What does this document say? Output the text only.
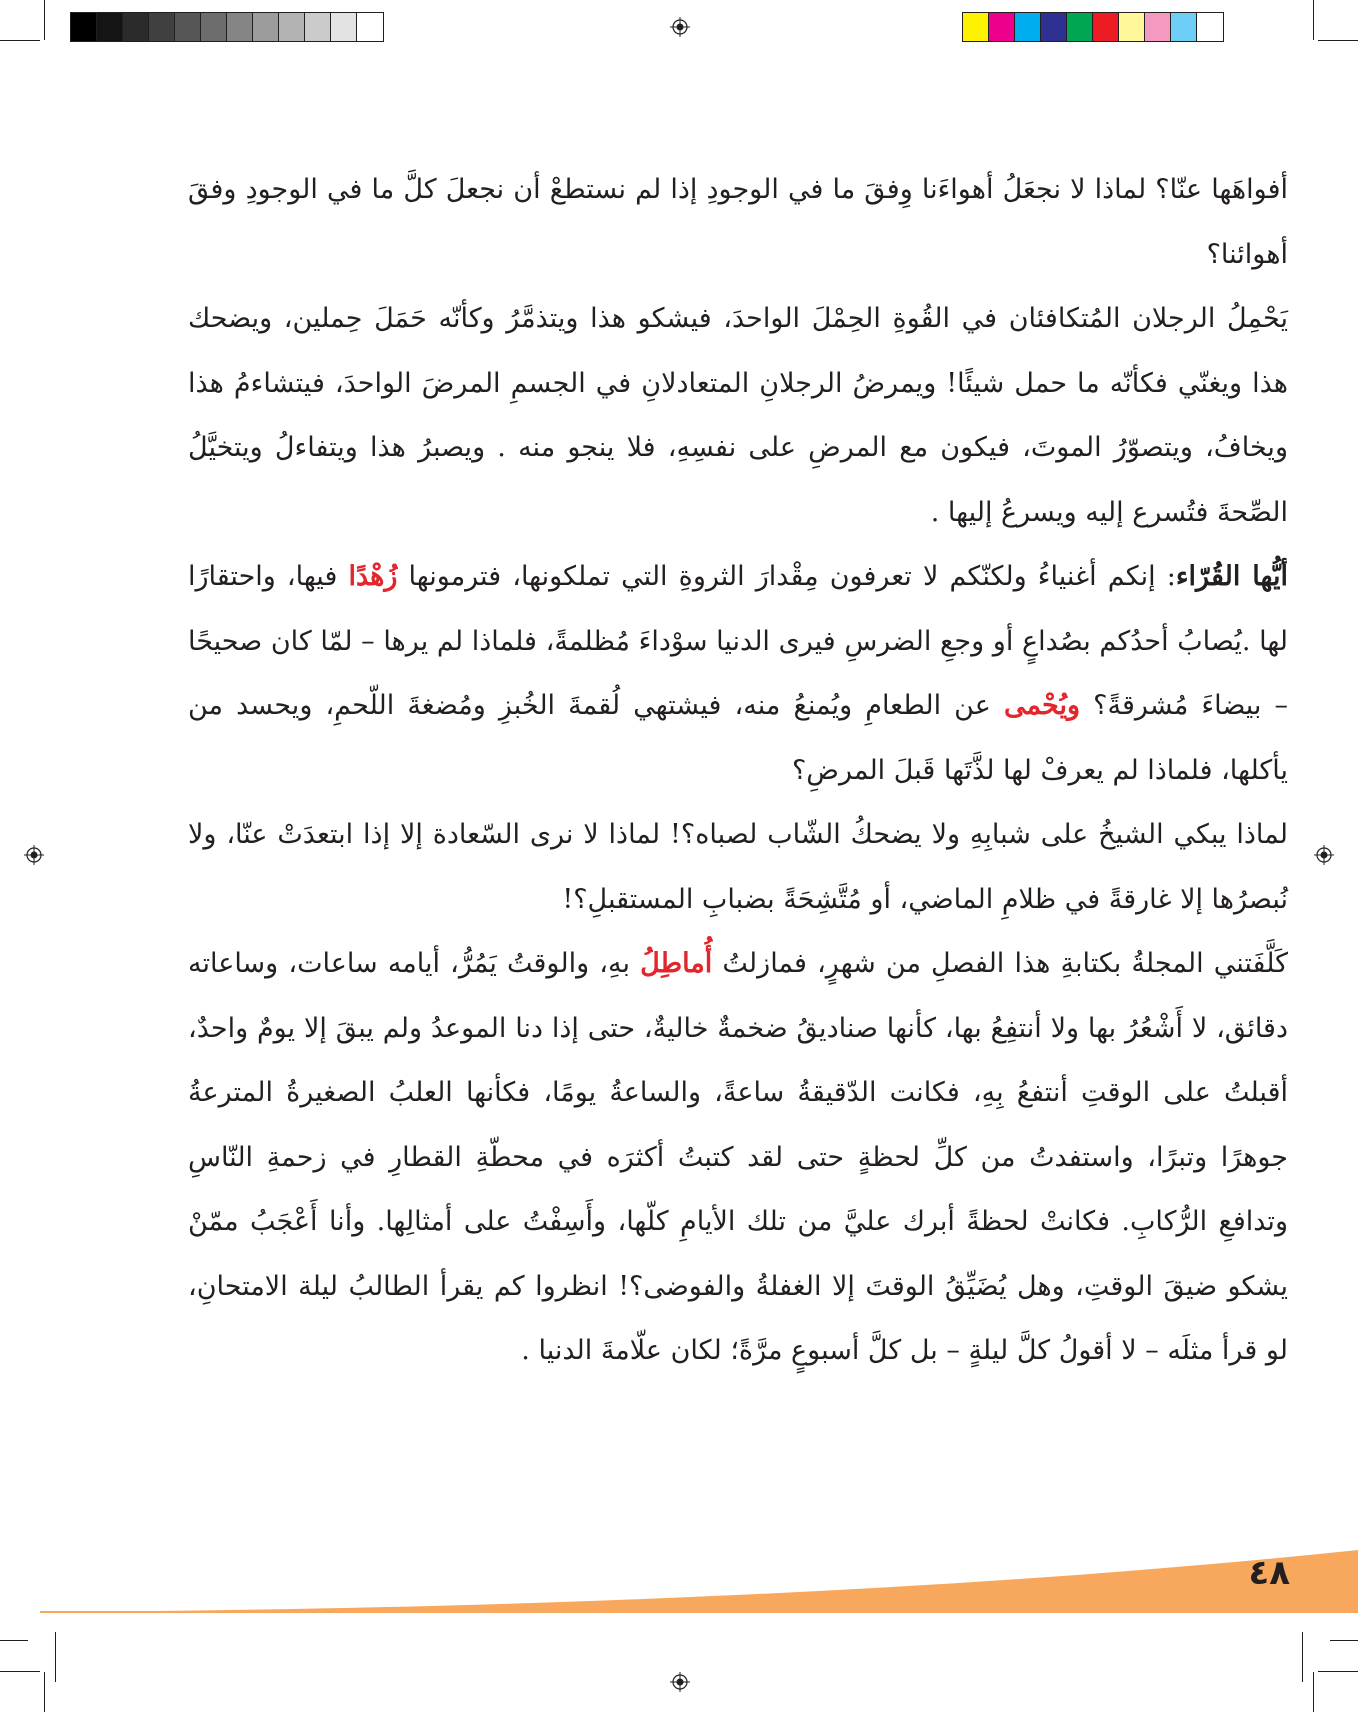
أفواهَها عنّا؟ لماذا لا نجعَلُ أهواءَنا وِفقَ ما في الوجودِ إذا لم نستطعْ أن نجعلَ كلَّ ما في الوجودِ وفقَ أهوائنا؟

يَحْمِلُ الرجلان المُتكافئان في القُوةِ الحِمْلَ الواحدَ، فيشكو هذا ويتذمَّرُ وكأنّه حَمَلَ حِملين، ويضحك هذا ويغنّي فكأنّه ما حمل شيئًا! ويمرضُ الرجلانِ المتعادلانِ في الجسمِ المرضَ الواحدَ، فيتشاءمُ هذا ويخافُ، ويتصوّرُ الموتَ، فيكون مع المرضِ على نفسِهِ، فلا ينجو منه . ويصبرُ هذا ويتفاءلُ ويتخيَّلُ الصِّحةَ فتُسرع إليه ويسرعُ إليها .

أيُّها القُرّاء: إنكم أغنياءُ ولكنّكم لا تعرفون مِقْدارَ الثروةِ التي تملكونها، فترمونها زُهْدًا فيها، واحتقارًا لها .يُصابُ أحدُكم بصُداعٍ أو وجعِ الضرسِ فيرى الدنيا سوْداءَ مُظلمةً، فلماذا لم يرها – لمّا كان صحيحًا – بيضاءَ مُشرقةً؟ ويُحْمى عن الطعامِ ويُمنعُ منه، فيشتهي لُقمةَ الخُبزِ ومُضغةَ اللّحمِ، ويحسد من يأكلها، فلماذا لم يعرفْ لها لذَّتَها قَبلَ المرضِ؟

لماذا يبكي الشيخُ على شبابِهِ ولا يضحكُ الشّاب لصباه؟! لماذا لا نرى السّعادة إلا إذا ابتعدَتْ عنّا، ولا نُبصرُها إلا غارقةً في ظلامِ الماضي، أو مُتَّشِحَةً بضبابِ المستقبلِ؟!

كَلَّفَتني المجلةُ بكتابةِ هذا الفصلِ من شهرٍ، فمازلتُ أُماطِلُ بهِ، والوقتُ يَمُرُّ، أيامه ساعات، وساعاته دقائق، لا أَشْعُرُ بها ولا أنتفِعُ بها، كأنها صناديقُ ضخمةٌ خاليةٌ، حتى إذا دنا الموعدُ ولم يبقَ إلا يومٌ واحدٌ، أقبلتُ على الوقتِ أنتفعُ بِهِ، فكانت الدّقيقةُ ساعةً، والساعةُ يومًا، فكأنها العلبُ الصغيرةُ المترعةُ جوهرًا وتبرًا، واستفدتُ من كلِّ لحظةٍ حتى لقد كتبتُ أكثرَه في محطّةِ القطارِ في زحمةِ النّاسِ وتدافعِ الرُّكابِ. فكانتْ لحظةً أبرك عليَّ من تلك الأيامِ كلّها، وأَسِفْتُ على أمثالِها. وأنا أَعْجَبُ ممّنْ يشكو ضيقَ الوقتِ، وهل يُضَيِّقُ الوقتَ إلا الغفلةُ والفوضى؟! انظروا كم يقرأ الطالبُ ليلة الامتحانِ، لو قرأ مثلَه – لا أقولُ كلَّ ليلةٍ – بل كلَّ أسبوعٍ مرَّةً؛ لكان علّامةَ الدنيا .

٤٨
